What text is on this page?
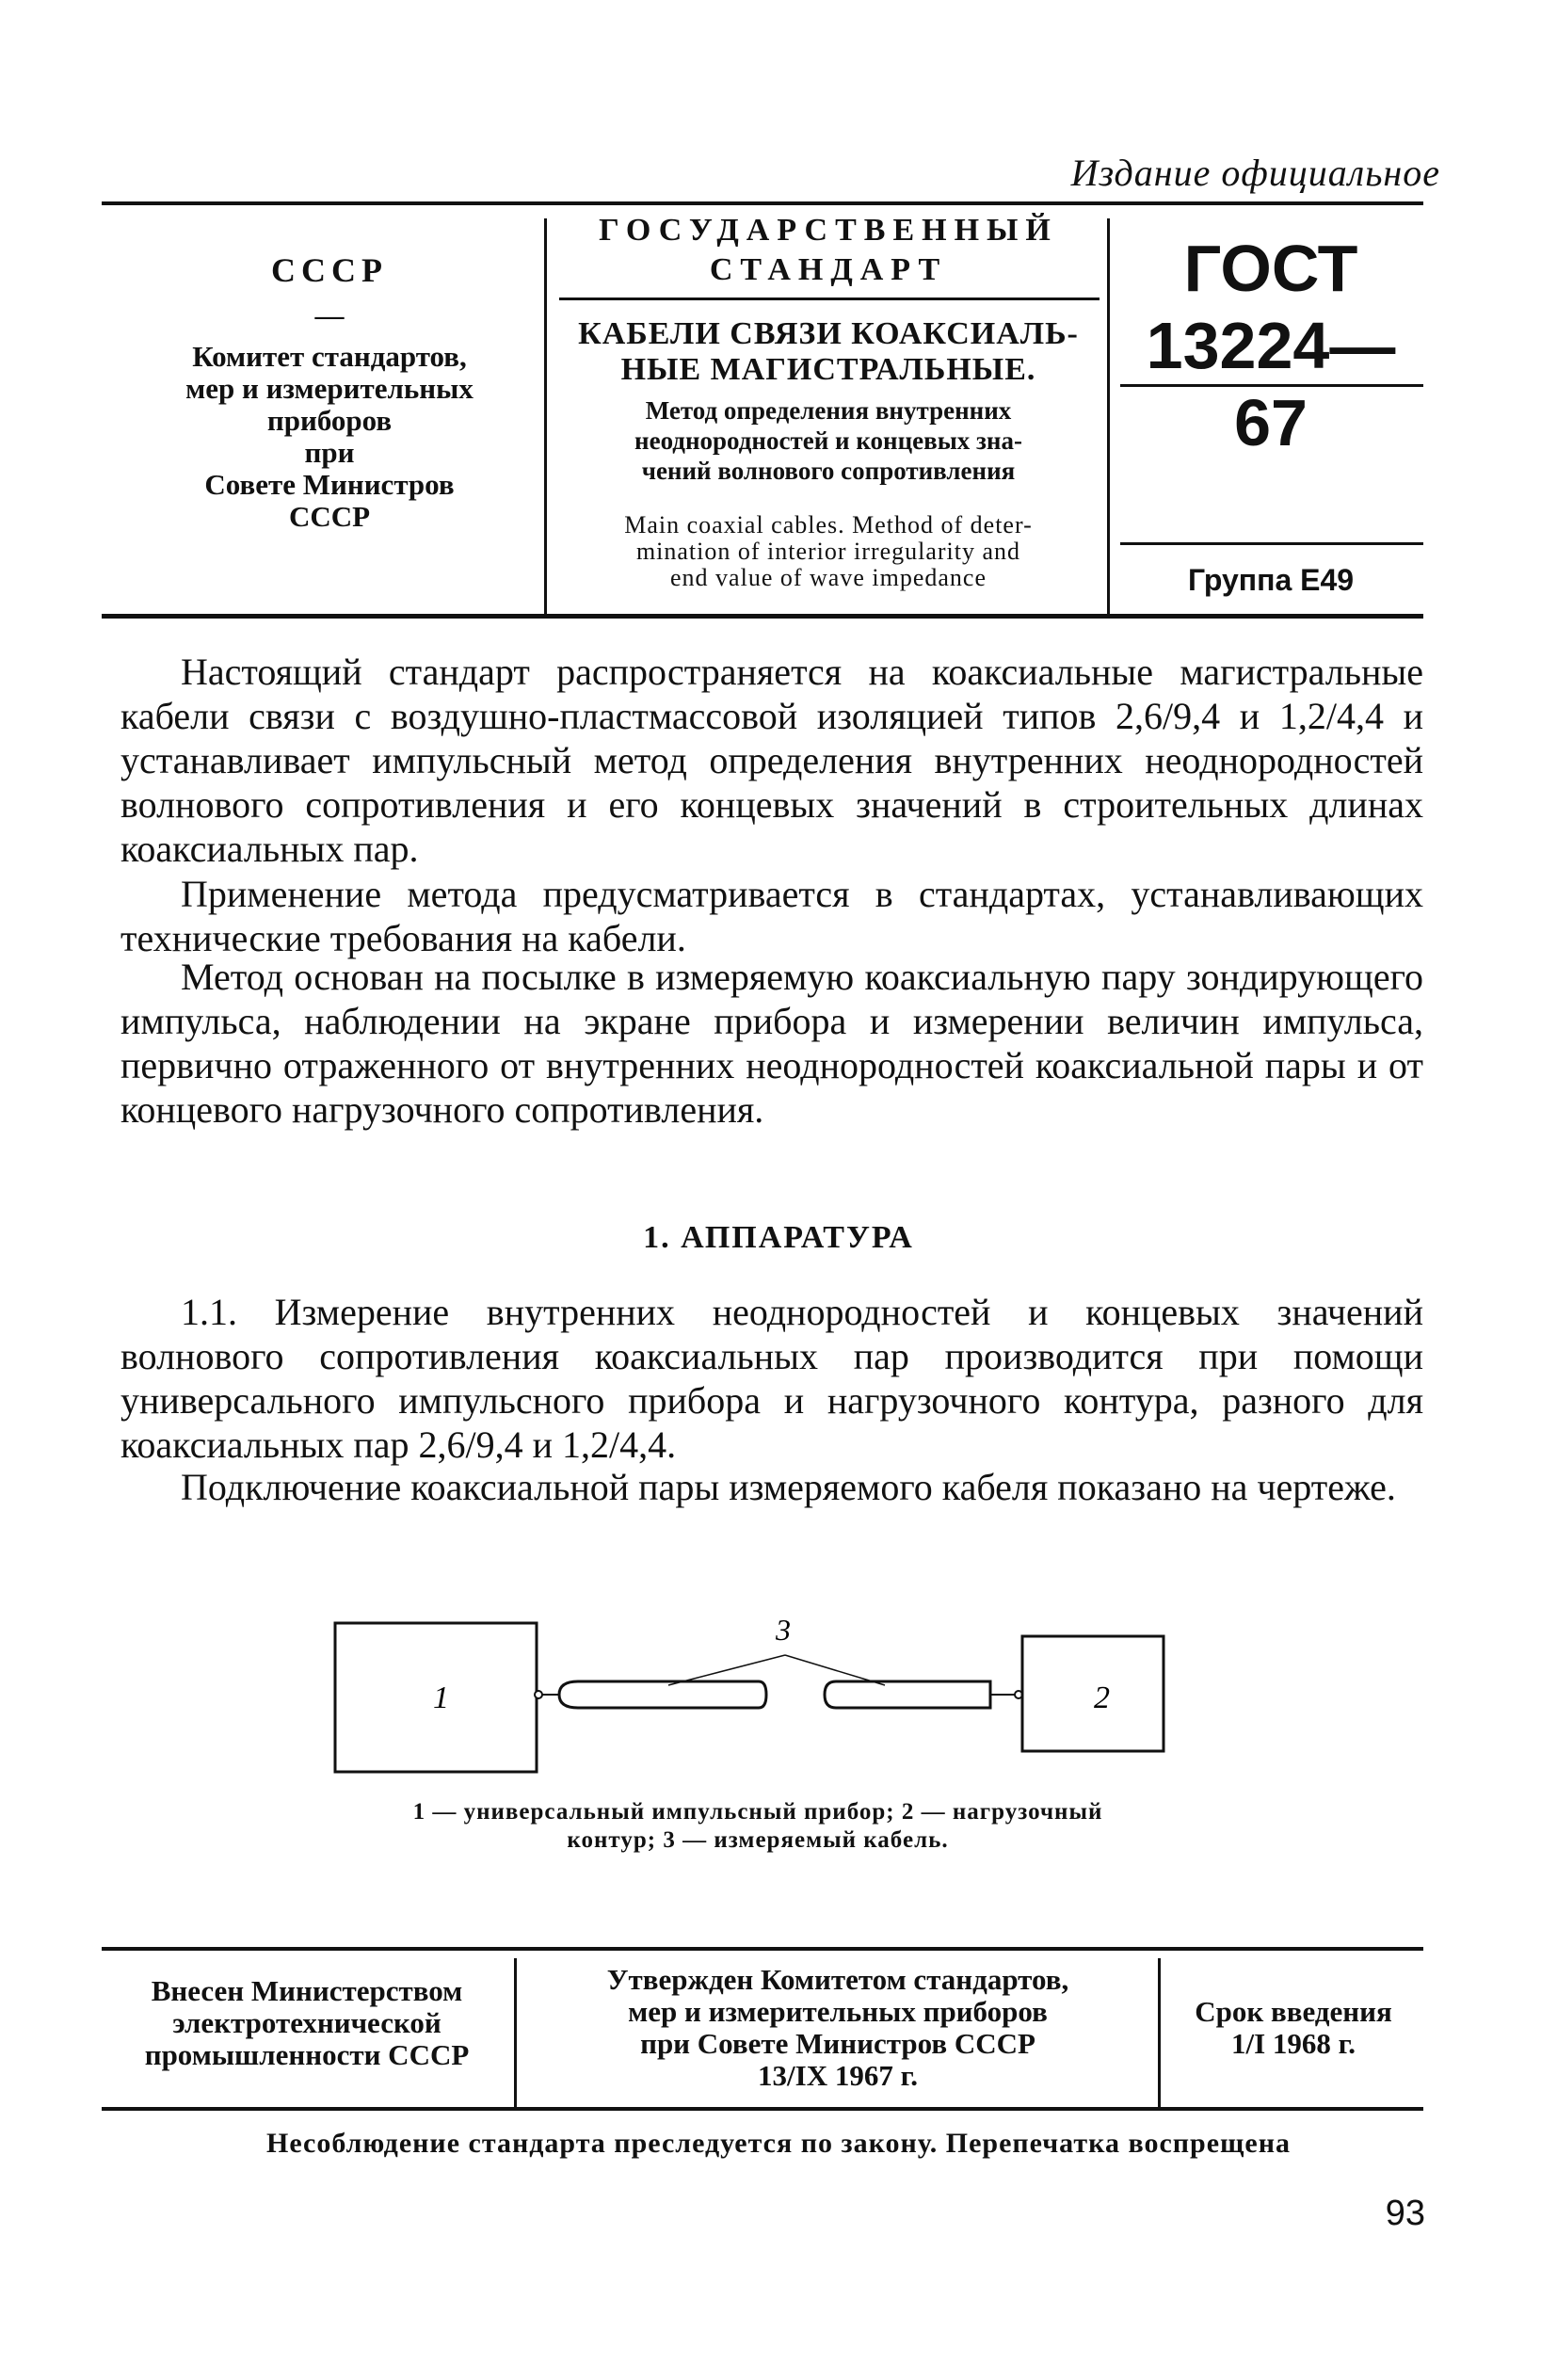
Издание официальное
СССР
—
Комитет стандартов,
мер и измерительных
приборов
при
Совете Министров
СССР
ГОСУДАРСТВЕННЫЙ
СТАНДАРТ
КАБЕЛИ СВЯЗИ КОАКСИАЛЬ-
НЫЕ МАГИСТРАЛЬНЫЕ.
Метод определения внутренних
неоднородностей и концевых зна-
чений волнового сопротивления
Main coaxial cables. Method of deter-
mination of interior irregularity and
end value of wave impedance
ГОСТ
13224—67
Группа Е49

Настоящий стандарт распространяется на коаксиальные магистральные кабели связи с воздушно-пластмассовой изоляцией типов 2,6/9,4 и 1,2/4,4 и устанавливает импульсный метод определения внутренних неоднородностей волнового сопротивления и его концевых значений в строительных длинах коаксиальных пар.

Применение метода предусматривается в стандартах, устанавливающих технические требования на кабели.

Метод основан на посылке в измеряемую коаксиальную пару зондирующего импульса, наблюдении на экране прибора и измерении величин импульса, первично отраженного от внутренних неоднородностей коаксиальной пары и от концевого нагрузочного сопротивления.

1. АППАРАТУРА

1.1. Измерение внутренних неоднородностей и концевых значений волнового сопротивления коаксиальных пар производится при помощи универсального импульсного прибора и нагрузочного контура, разного для коаксиальных пар 2,6/9,4 и 1,2/4,4.

Подключение коаксиальной пары измеряемого кабеля показано на чертеже.

1	2
3
1 — универсальный импульсный прибор; 2 — нагрузочный
контур; 3 — измеряемый кабель.
Внесен Министерством
электротехнической
промышленности СССР
Утвержден Комитетом стандартов,
мер и измерительных приборов
при Совете Министров СССР
13/IX 1967 г.
Срок введения
1/I 1968 г.
Несоблюдение стандарта преследуется по закону. Перепечатка воспрещена
93
